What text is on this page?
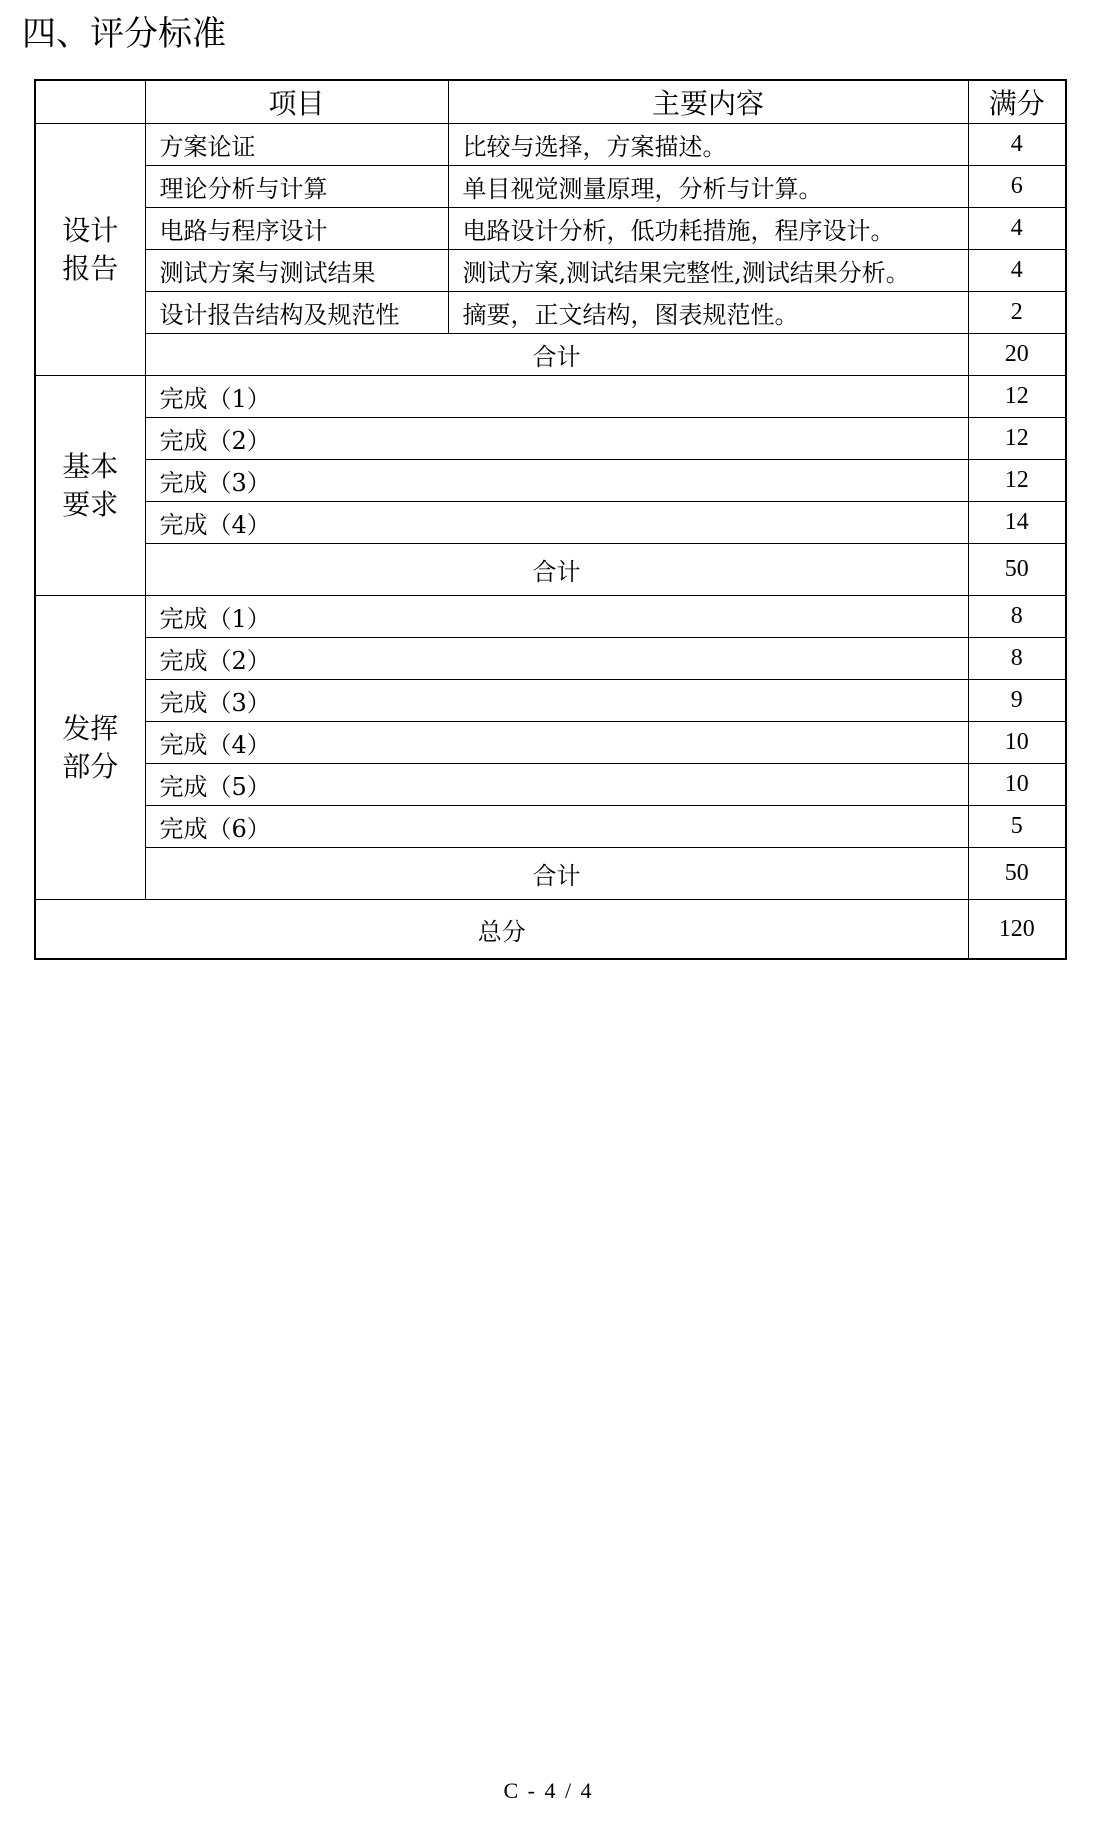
四、评分标准
	项目	主要内容	满分
设计报告	方案论证	比较与选择，方案描述。	4
	理论分析与计算	单目视觉测量原理，分析与计算。	6
	电路与程序设计	电路设计分析，低功耗措施，程序设计。	4
	测试方案与测试结果	测试方案,测试结果完整性,测试结果分析。	4
	设计报告结构及规范性	摘要，正文结构，图表规范性。	2
	合计		20
基本要求	完成（1）		12
	完成（2）		12
	完成（3）		12
	完成（4）		14
	合计		50
发挥部分	完成（1）		8
	完成（2）		8
	完成（3）		9
	完成（4）		10
	完成（5）		10
	完成（6）		5
	合计		50
总分			120
C - 4 / 4
